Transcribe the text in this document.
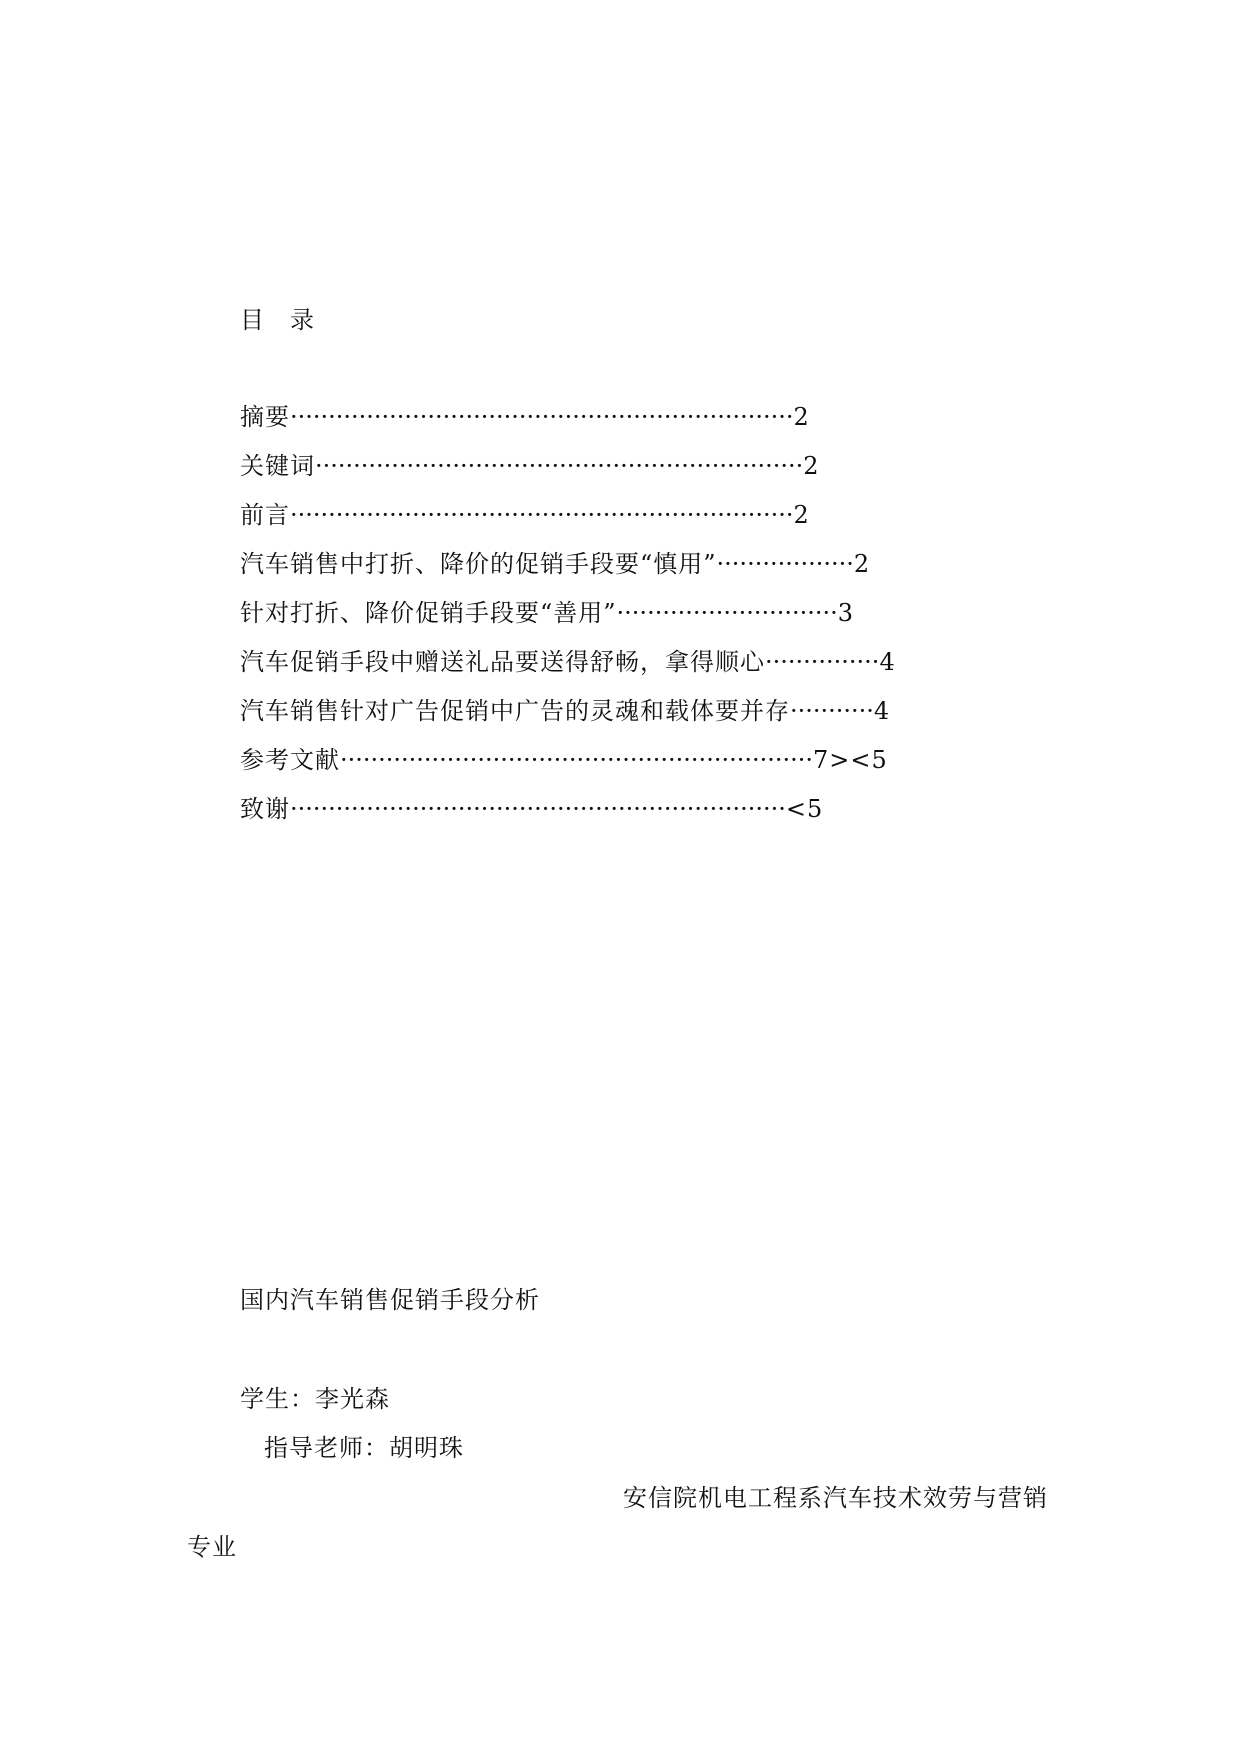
目 录
摘要··································································2
关键词································································2
前言··································································2
汽车销售中打折、降价的促销手段要“慎用”··················2
针对打折、降价促销手段要“善用”·····························3
汽车促销手段中赠送礼品要送得舒畅，拿得顺心···············4
汽车销售针对广告促销中广告的灵魂和载体要并存···········4
参考文献······························································7><5
致谢·································································<5
国内汽车销售促销手段分析
学生：李光森
指导老师：胡明珠
安信院机电工程系汽车技术效劳与营销
专业
